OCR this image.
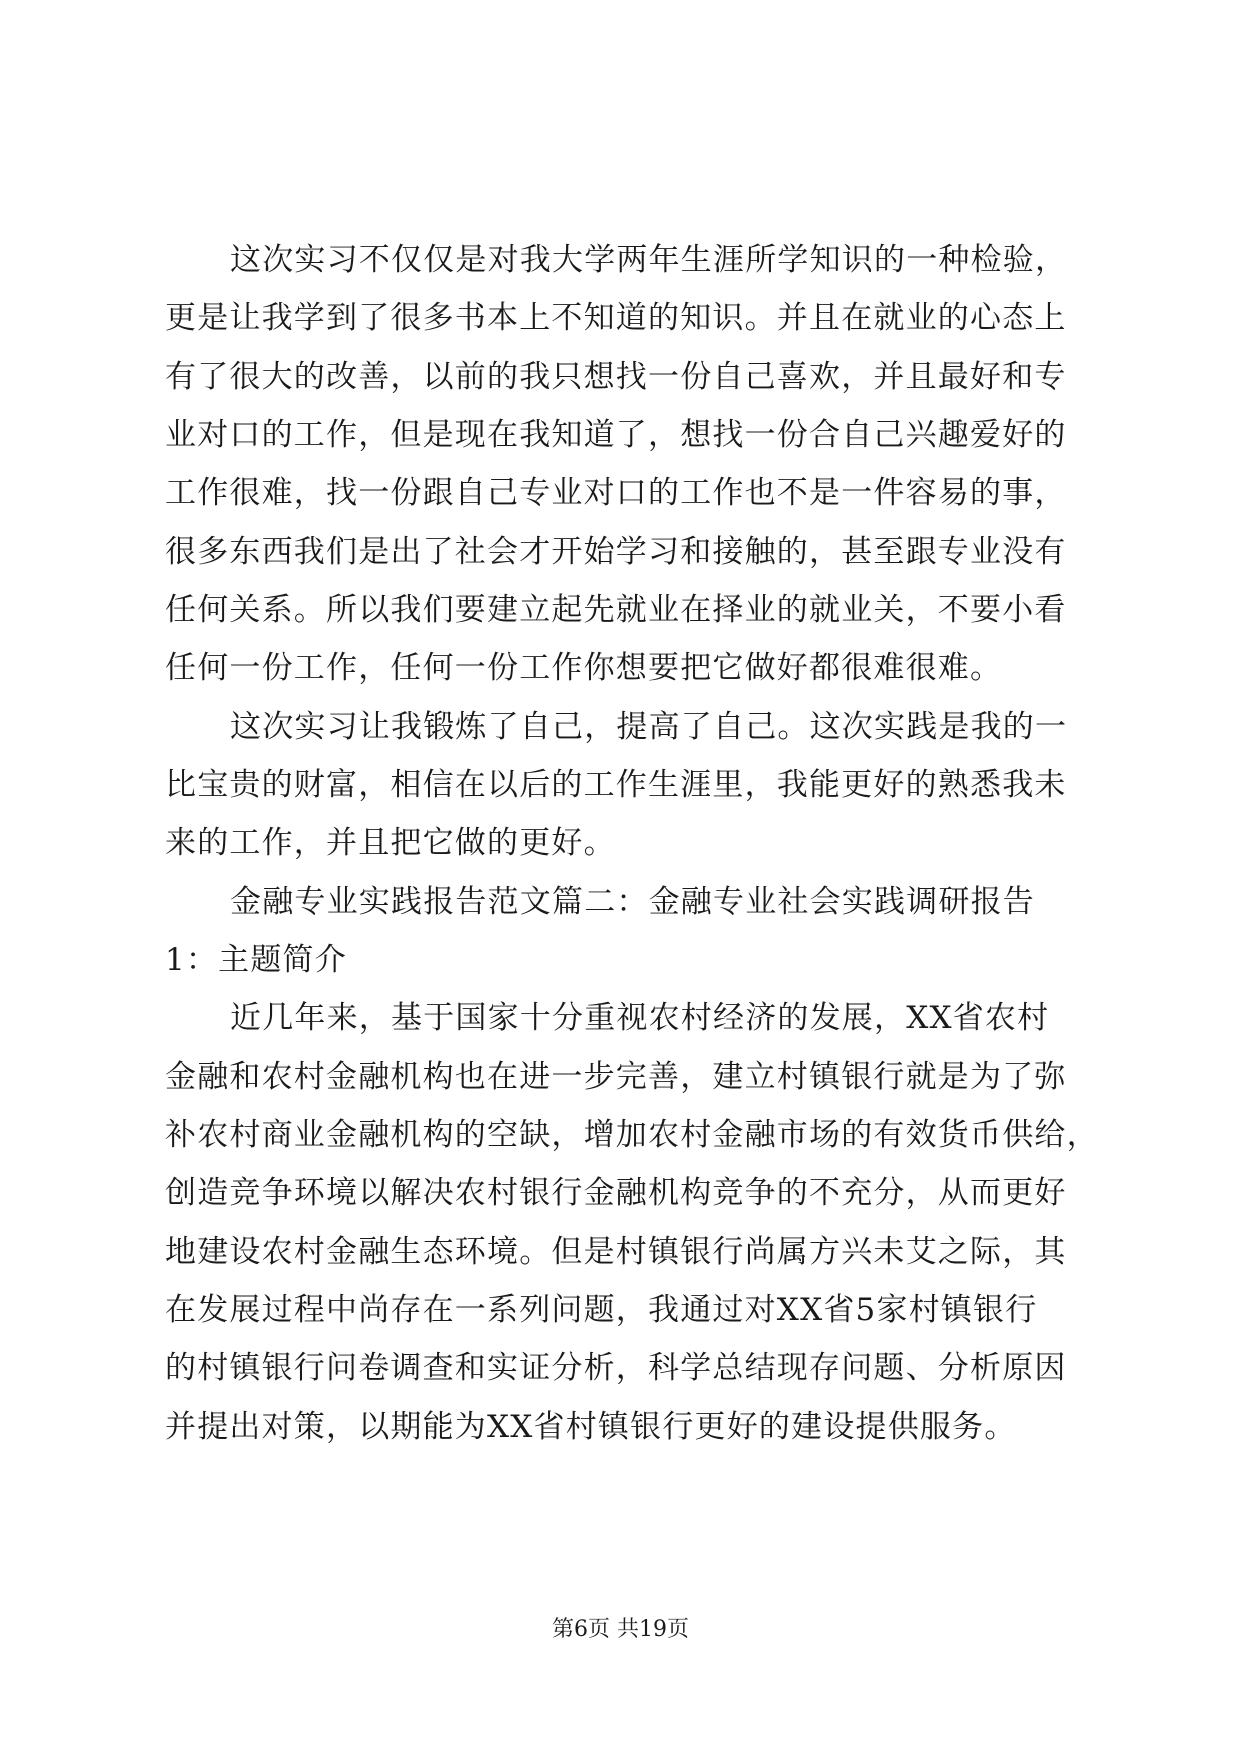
这次实习不仅仅是对我大学两年生涯所学知识的一种检验，
更是让我学到了很多书本上不知道的知识。并且在就业的心态上
有了很大的改善，以前的我只想找一份自己喜欢，并且最好和专
业对口的工作，但是现在我知道了，想找一份合自己兴趣爱好的
工作很难，找一份跟自己专业对口的工作也不是一件容易的事，
很多东西我们是出了社会才开始学习和接触的，甚至跟专业没有
任何关系。所以我们要建立起先就业在择业的就业关，不要小看
任何一份工作，任何一份工作你想要把它做好都很难很难。
这次实习让我锻炼了自己，提高了自己。这次实践是我的一
比宝贵的财富，相信在以后的工作生涯里，我能更好的熟悉我未
来的工作，并且把它做的更好。
金融专业实践报告范文篇二：金融专业社会实践调研报告
1：主题简介
近几年来，基于国家十分重视农村经济的发展，XX省农村
金融和农村金融机构也在进一步完善，建立村镇银行就是为了弥
补农村商业金融机构的空缺，增加农村金融市场的有效货币供给，
创造竞争环境以解决农村银行金融机构竞争的不充分，从而更好
地建设农村金融生态环境。但是村镇银行尚属方兴未艾之际，其
在发展过程中尚存在一系列问题，我通过对XX省5家村镇银行
的村镇银行问卷调查和实证分析，科学总结现存问题、分析原因
并提出对策，以期能为XX省村镇银行更好的建设提供服务。
第6页 共19页
